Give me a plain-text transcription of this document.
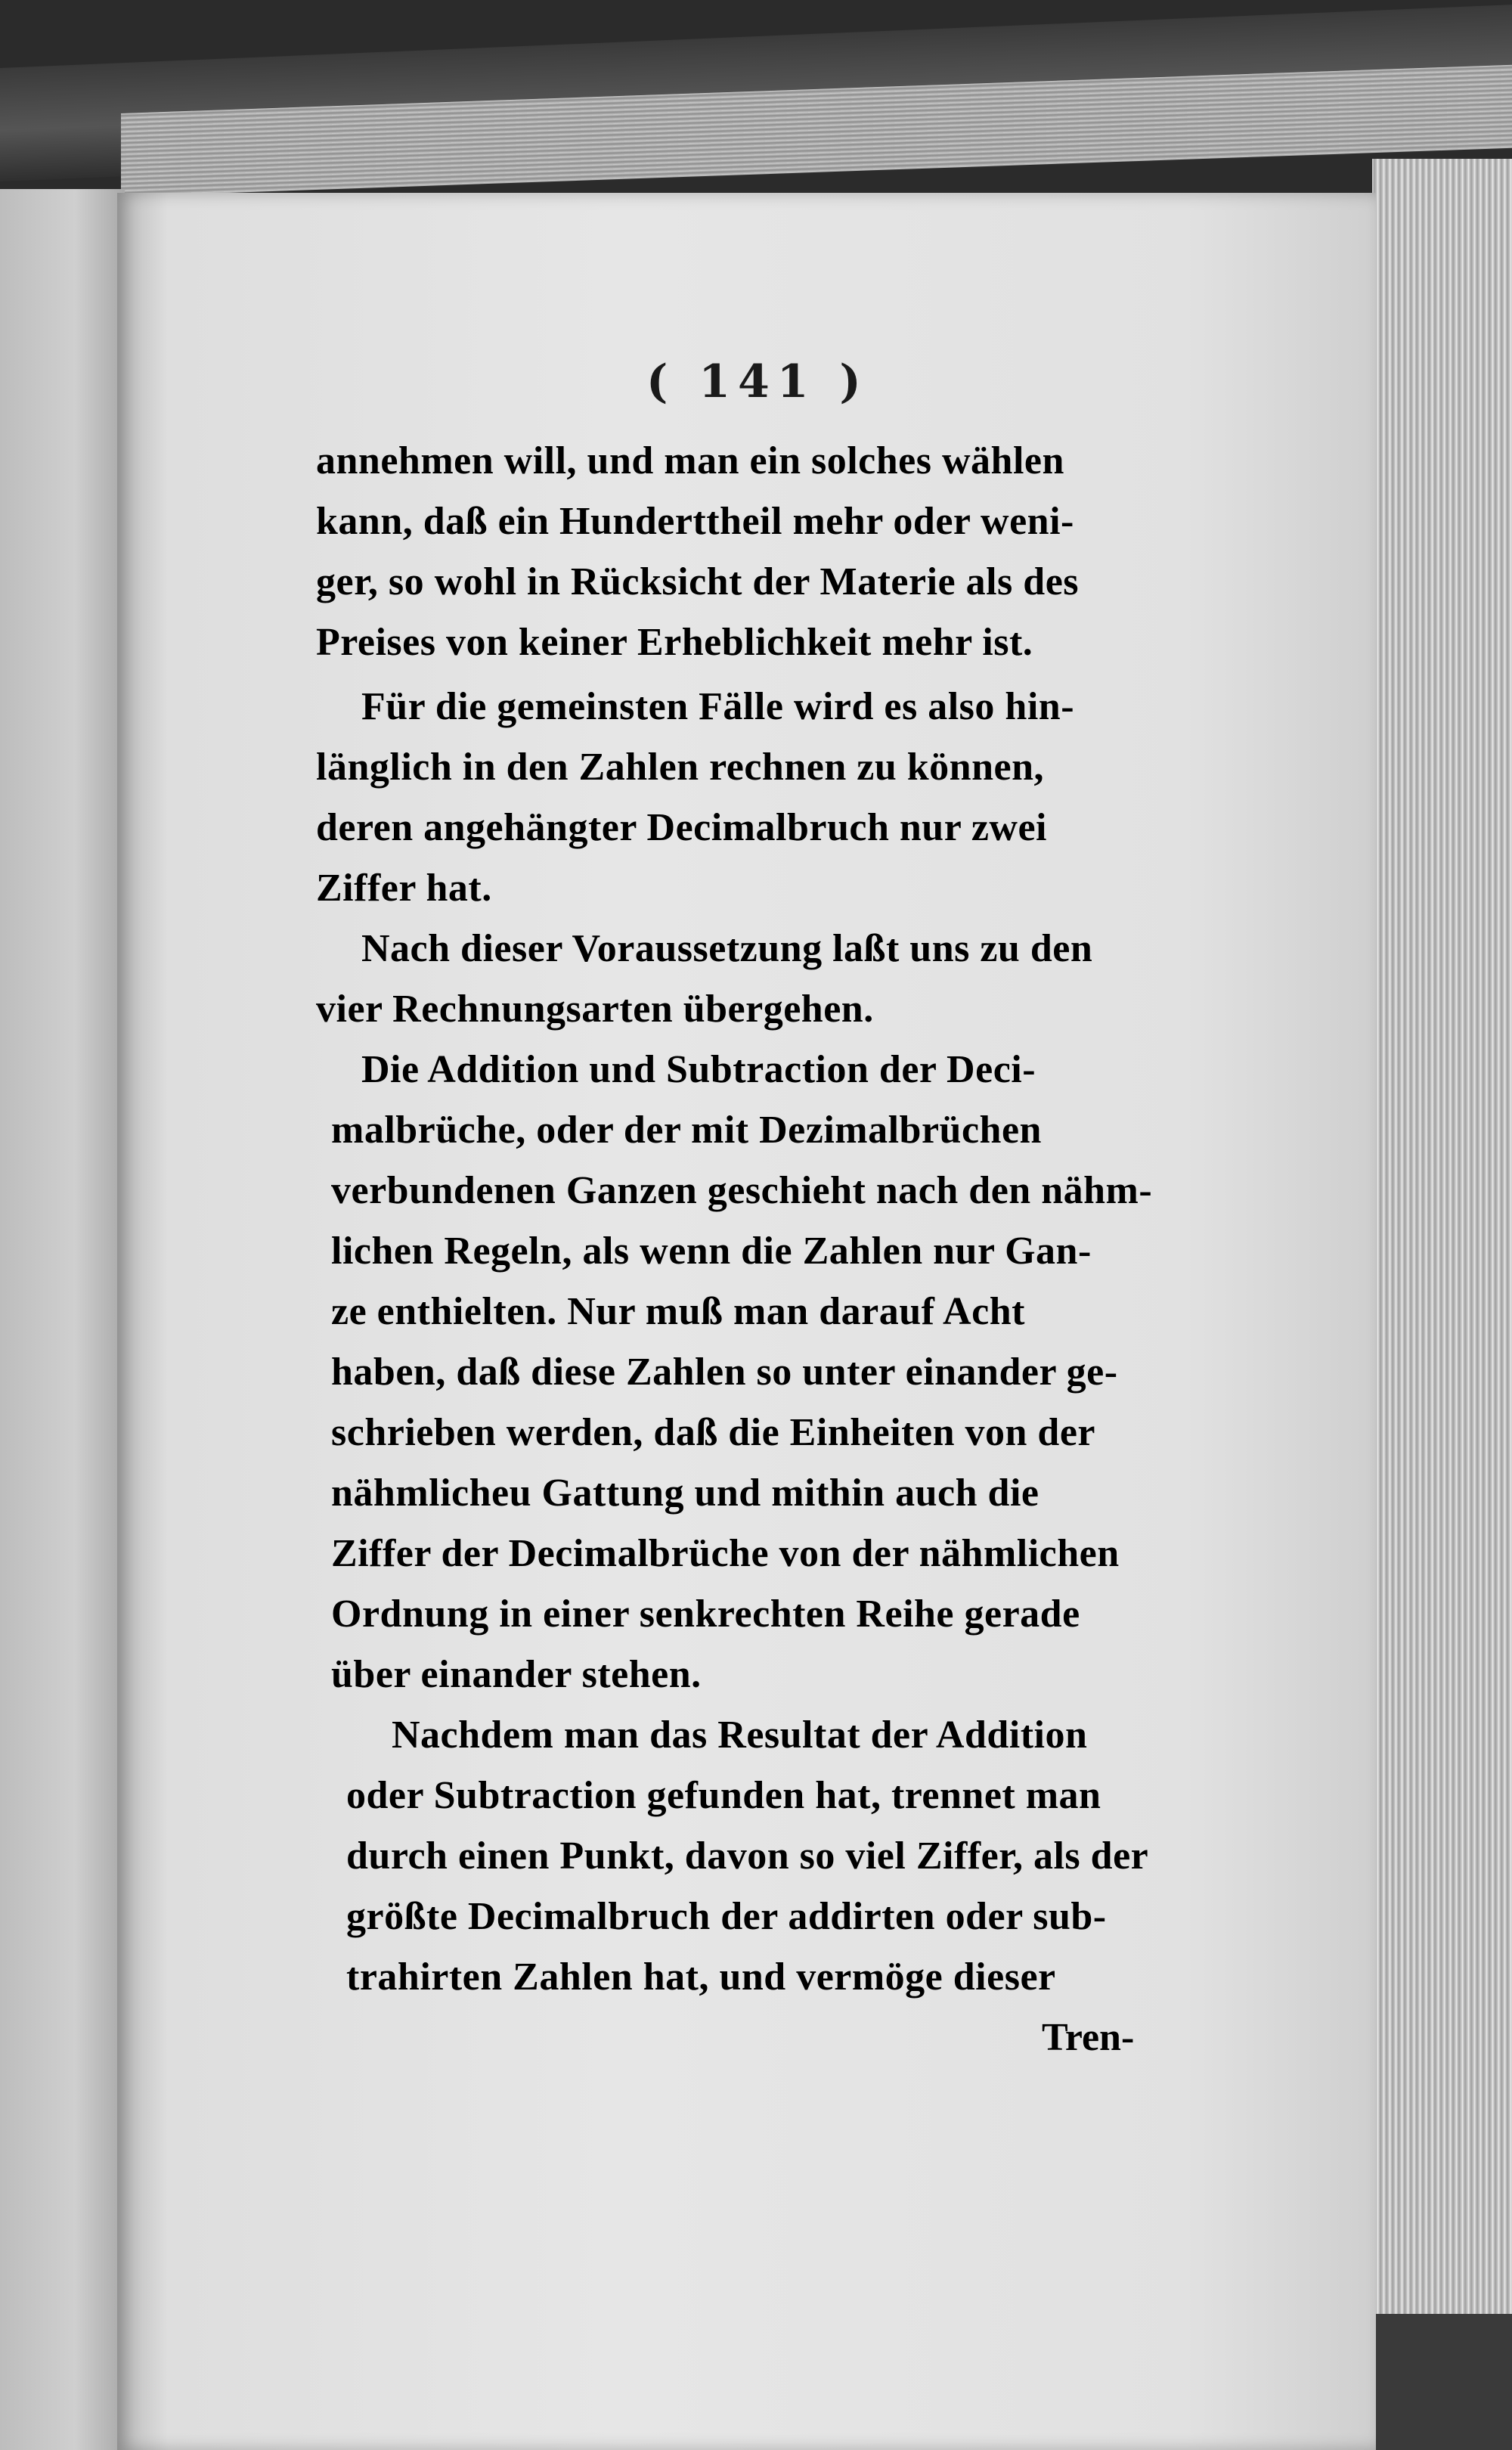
( 141 )
annehmen will, und man ein solches wählen
kann, daß ein Hunderttheil mehr oder weni-
ger, so wohl in Rücksicht der Materie als des
Preises von keiner Erheblichkeit mehr ist.
Für die gemeinsten Fälle wird es also hin-
länglich in den Zahlen rechnen zu können,
deren angehängter Decimalbruch nur zwei
Ziffer hat.
Nach dieser Voraussetzung laßt uns zu den
vier Rechnungsarten übergehen.
Die Addition und Subtraction der Deci-
malbrüche, oder der mit Dezimalbrüchen
verbundenen Ganzen geschieht nach den nähm-
lichen Regeln, als wenn die Zahlen nur Gan-
ze enthielten. Nur muß man darauf Acht
haben, daß diese Zahlen so unter einander ge-
schrieben werden, daß die Einheiten von der
nähmlicheu Gattung und mithin auch die
Ziffer der Decimalbrüche von der nähmlichen
Ordnung in einer senkrechten Reihe gerade
über einander stehen.
Nachdem man das Resultat der Addition
oder Subtraction gefunden hat, trennet man
durch einen Punkt, davon so viel Ziffer, als der
größte Decimalbruch der addirten oder sub-
trahirten Zahlen hat, und vermöge dieser
Tren-
